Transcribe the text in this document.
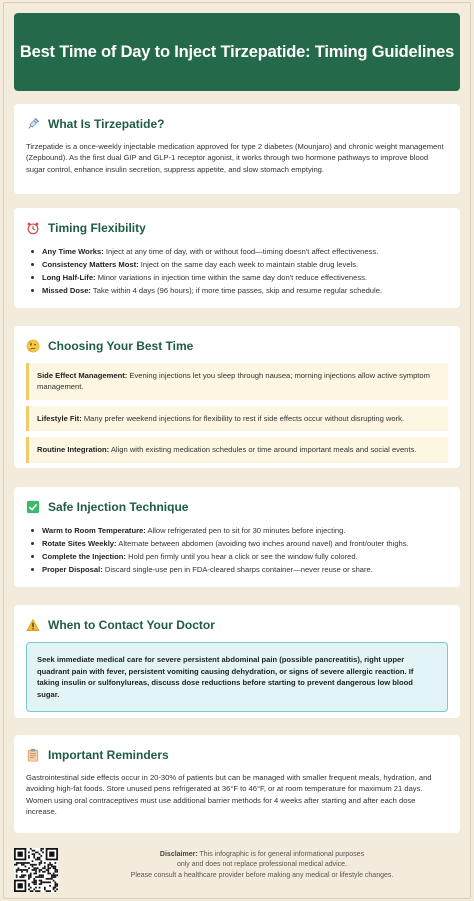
Best Time of Day to Inject Tirzepatide: Timing Guidelines
What Is Tirzepatide?

Tirzepatide is a once-weekly injectable medication approved for type 2 diabetes (Mounjaro) and chronic weight management (Zepbound). As the first dual GIP and GLP-1 receptor agonist, it works through two hormone pathways to improve blood sugar control, enhance insulin secretion, suppress appetite, and slow stomach emptying.

Timing Flexibility
Any Time Works: Inject at any time of day, with or without food—timing doesn't affect effectiveness.
Consistency Matters Most: Inject on the same day each week to maintain stable drug levels.
Long Half-Life: Minor variations in injection time within the same day don't reduce effectiveness.
Missed Dose: Take within 4 days (96 hours); if more time passes, skip and resume regular schedule.
Choosing Your Best Time
Side Effect Management: Evening injections let you sleep through nausea; morning injections allow active symptom management.
Lifestyle Fit: Many prefer weekend injections for flexibility to rest if side effects occur without disrupting work.
Routine Integration: Align with existing medication schedules or time around important meals and social events.
Safe Injection Technique
Warm to Room Temperature: Allow refrigerated pen to sit for 30 minutes before injecting.
Rotate Sites Weekly: Alternate between abdomen (avoiding two inches around navel) and front/outer thighs.
Complete the Injection: Hold pen firmly until you hear a click or see the window fully colored.
Proper Disposal: Discard single-use pen in FDA-cleared sharps container—never reuse or share.
When to Contact Your Doctor
Seek immediate medical care for severe persistent abdominal pain (possible pancreatitis), right upper quadrant pain with fever, persistent vomiting causing dehydration, or signs of severe allergic reaction. If taking insulin or sulfonylureas, discuss dose reductions before starting to prevent dangerous low blood sugar.
Important Reminders

Gastrointestinal side effects occur in 20-30% of patients but can be managed with smaller frequent meals, hydration, and avoiding high-fat foods. Store unused pens refrigerated at 36°F to 46°F, or at room temperature for maximum 21 days. Women using oral contraceptives must use additional barrier methods for 4 weeks after starting and after each dose increase.

Disclaimer: This infographic is for general informational purposes
only and does not replace professional medical advice.
Please consult a healthcare provider before making any medical or lifestyle changes.
